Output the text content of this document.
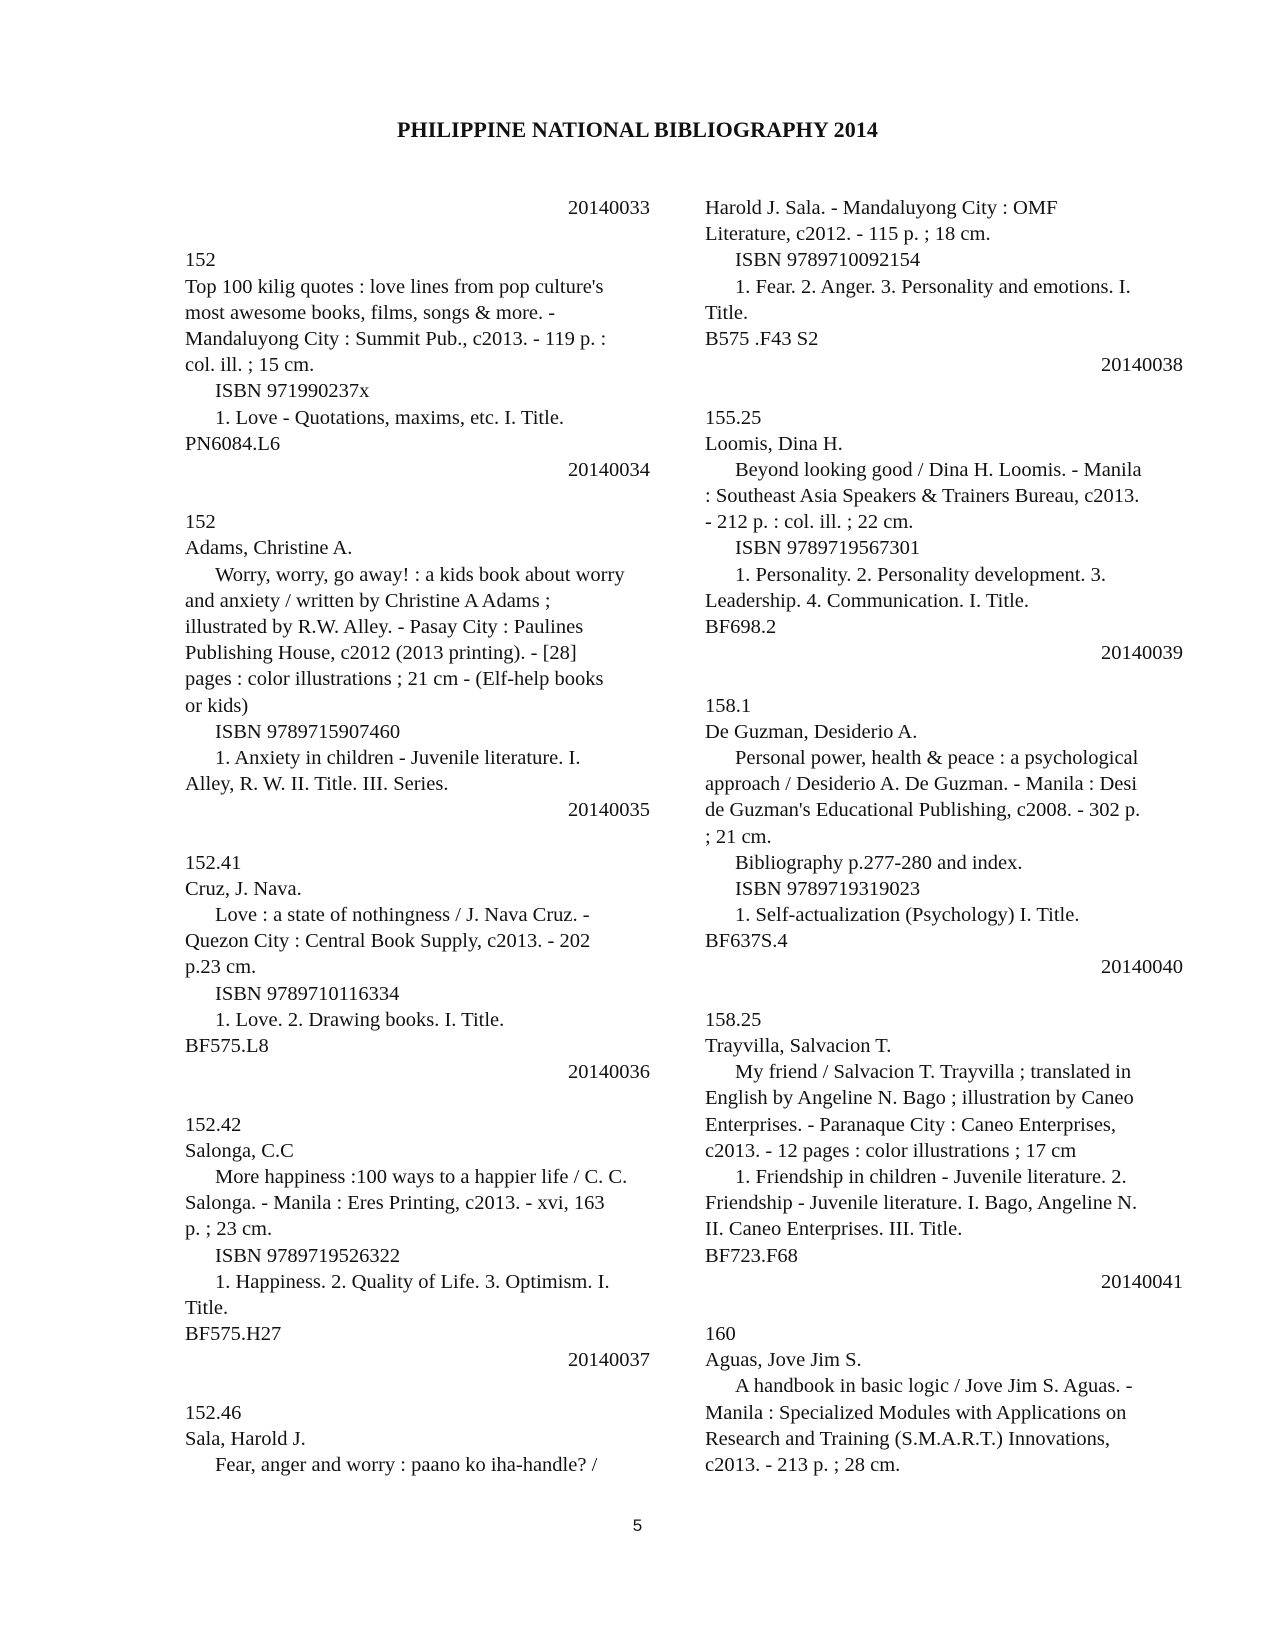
PHILIPPINE NATIONAL BIBLIOGRAPHY 2014
20140033
152
Top 100 kilig quotes : love lines from pop culture's
most awesome books, films, songs & more. -
Mandaluyong City : Summit Pub., c2013. - 119 p. :
col. ill. ; 15 cm.
ISBN 971990237x
1. Love - Quotations, maxims, etc. I. Title.
PN6084.L6
20140034
152
Adams, Christine A.
Worry, worry, go away! : a kids book about worry
and anxiety / written by Christine A Adams ;
illustrated by R.W. Alley. - Pasay City : Paulines
Publishing House, c2012 (2013 printing). - [28]
pages : color illustrations ; 21 cm - (Elf-help books
or kids)
ISBN 9789715907460
1. Anxiety in children - Juvenile literature. I.
Alley, R. W. II. Title. III. Series.
20140035
152.41
Cruz, J. Nava.
Love : a state of nothingness / J. Nava Cruz. -
Quezon City : Central Book Supply, c2013. - 202
p.23 cm.
ISBN 9789710116334
1. Love. 2. Drawing books. I. Title.
BF575.L8
20140036
152.42
Salonga, C.C
More happiness :100 ways to a happier life / C. C.
Salonga. - Manila : Eres Printing, c2013. - xvi, 163
p. ; 23 cm.
ISBN 9789719526322
1. Happiness. 2. Quality of Life. 3. Optimism. I.
Title.
BF575.H27
20140037
152.46
Sala, Harold J.
Fear, anger and worry : paano ko iha-handle? /
Harold J. Sala. - Mandaluyong City : OMF
Literature, c2012. - 115 p. ; 18 cm.
ISBN 9789710092154
1. Fear. 2. Anger. 3. Personality and emotions. I.
Title.
B575 .F43 S2
20140038
155.25
Loomis, Dina H.
Beyond looking good / Dina H. Loomis. - Manila
: Southeast Asia Speakers & Trainers Bureau, c2013.
- 212 p. : col. ill. ; 22 cm.
ISBN 9789719567301
1. Personality. 2. Personality development. 3.
Leadership. 4. Communication. I. Title.
BF698.2
20140039
158.1
De Guzman, Desiderio A.
Personal power, health & peace : a psychological
approach / Desiderio A. De Guzman. - Manila : Desi
de Guzman's Educational Publishing, c2008. - 302 p.
; 21 cm.
Bibliography p.277-280 and index.
ISBN 9789719319023
1. Self-actualization (Psychology) I. Title.
BF637S.4
20140040
158.25
Trayvilla, Salvacion T.
My friend / Salvacion T. Trayvilla ; translated in
English by Angeline N. Bago ; illustration by Caneo
Enterprises. - Paranaque City : Caneo Enterprises,
c2013. - 12 pages : color illustrations ; 17 cm
1. Friendship in children - Juvenile literature. 2.
Friendship - Juvenile literature. I. Bago, Angeline N.
II. Caneo Enterprises. III. Title.
BF723.F68
20140041
160
Aguas, Jove Jim S.
A handbook in basic logic / Jove Jim S. Aguas. -
Manila : Specialized Modules with Applications on
Research and Training (S.M.A.R.T.) Innovations,
c2013. - 213 p. ; 28 cm.
5
